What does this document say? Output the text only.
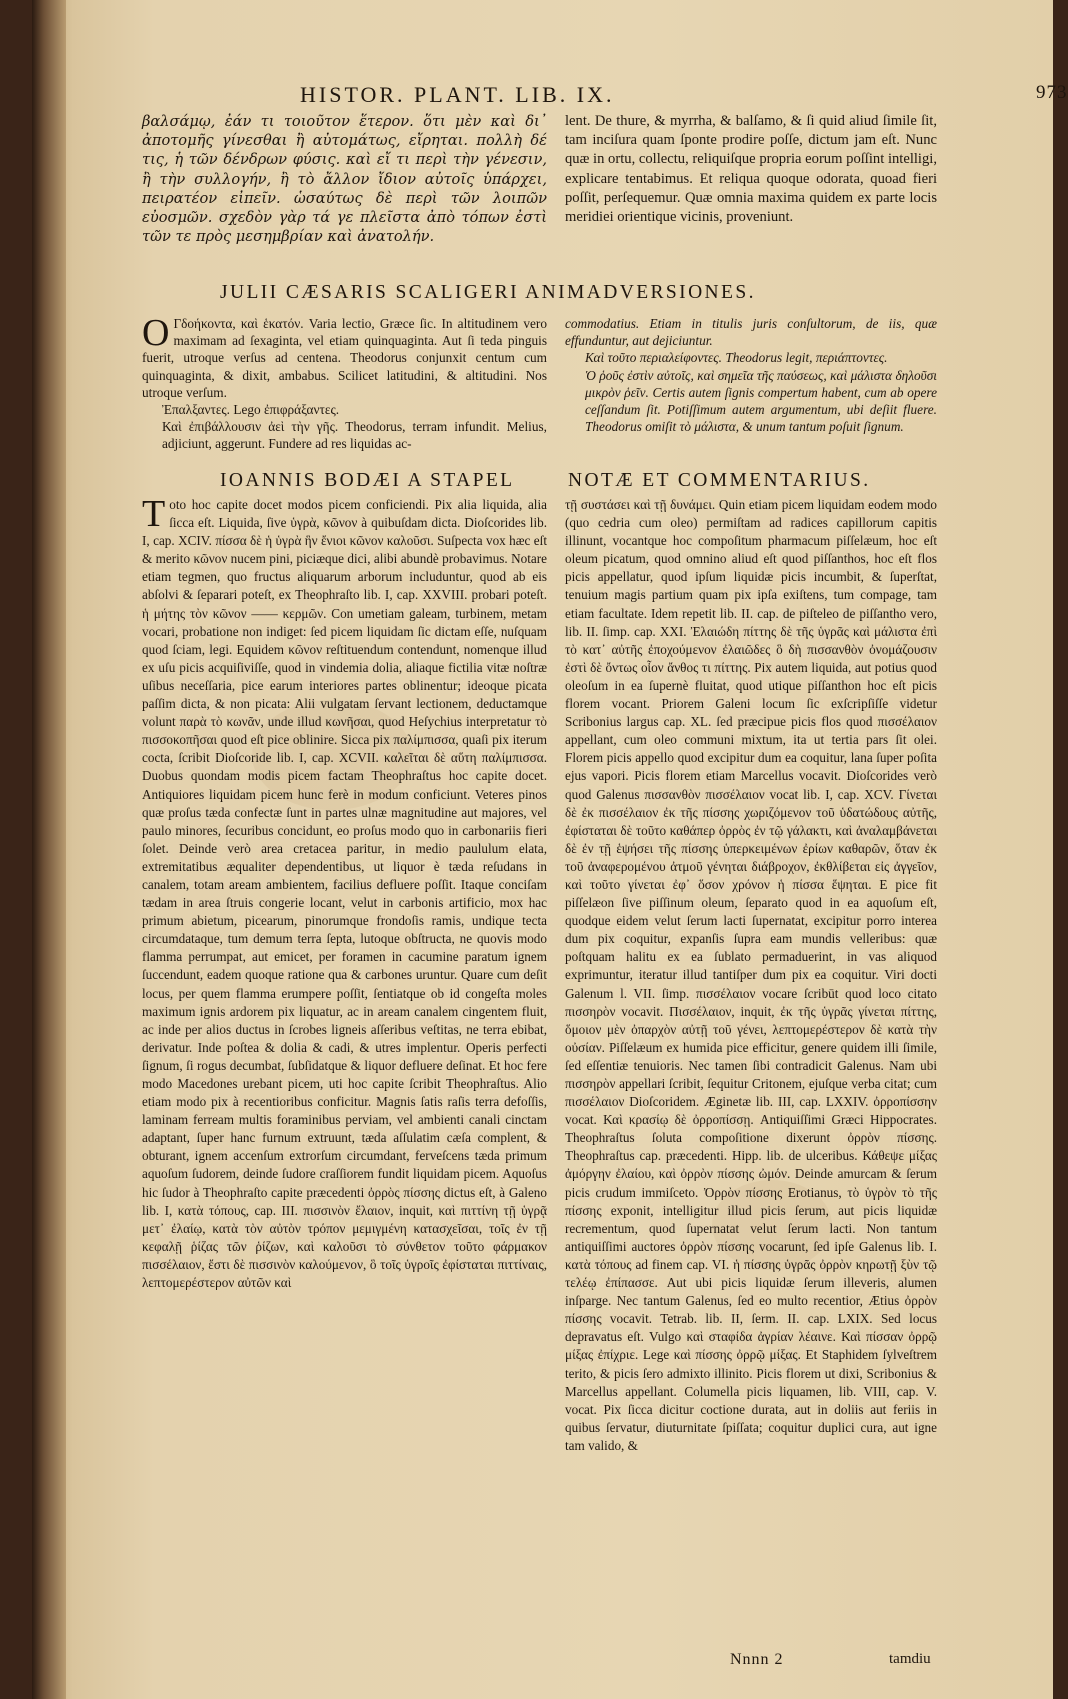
HISTOR. PLANT. LIB. IX.	973
βαλσάμῳ, ἐάν τι τοιοῦτον ἕτερον. ὅτι μὲν καὶ δι᾽ ἀποτομῆς γίνεσθαι ἢ αὐτομάτως, εἴρηται. πολλὴ δέ τις, ἡ τῶν δένδρων φύσις. καὶ εἴ τι περὶ τὴν γένεσιν, ἢ τὴν συλλογήν, ἢ τὸ ἄλλον ἴδιον αὐτοῖς ὑπάρχει, πειρατέον εἰπεῖν. ὡσαύτως δὲ περὶ τῶν λοιπῶν εὐοσμῶν. σχεδὸν γὰρ τά γε πλεῖστα ἀπὸ τόπων ἐστὶ τῶν τε πρὸς μεσημβρίαν καὶ ἀνατολήν.
lent. De thure, & myrrha, & balſamo, & ſi quid aliud ſimile ſit, tam inciſura quam ſponte prodire poſſe, dictum jam eſt. Nunc quæ in ortu, collectu, reliquiſque propria eorum poſſint intelligi, explicare tentabimus. Et reliqua quoque odorata, quoad fieri poſſit, perſequemur. Quæ omnia maxima quidem ex parte locis meridiei orientique vicinis, proveniunt.
JULII CÆSARIS SCALIGERI ANIMADVERSIONES.

O Γδοήκοντα, καὶ ἑκατόν. Varia lectio, Græce ſic. In altitudinem vero maximam ad ſexaginta, vel etiam quinquaginta. Aut ſi teda pinguis fuerit, utroque verſus ad centena. Theodorus conjunxit centum cum quinquaginta, & dixit, ambabus. Scilicet latitudini, & altitudini. Nos utroque verſum.

Ἐπαλξαντες. Lego ἐπιφράξαντες.

Καὶ ἐπιβάλλουσιν ἀεὶ τὴν γῆς. Theodorus, terram infundit. Melius, adjiciunt, aggerunt. Fundere ad res liquidas ac-

commodatius. Etiam in titulis juris conſultorum, de iis, quæ effunduntur, aut dejiciuntur.

Καὶ τοῦτο περιαλείφοντες. Theodorus legit, περιάπτοντες.

Ὁ ῥοῦς ἐστὶν αὐτοῖς, καὶ σημεῖα τῆς παύσεως, καὶ μάλιστα δηλοῦσι μικρὸν ῥεῖν. Certis autem ſignis compertum habent, cum ab opere ceſſandum ſit. Potiſſimum autem argumentum, ubi deſiit fluere. Theodorus omiſit τὸ μάλιστα, & unum tantum poſuit ſignum.

IOANNIS BODÆI A STAPEL	NOTÆ ET COMMENTARIUS.

Toto hoc capite docet modos picem conficiendi. Pix alia liquida, alia ſicca eſt. Liquida, ſive ὑγρὰ, κῶνον à quibuſdam dicta. Dioſcorides lib. I, cap. XCIV. πίσσα δὲ ἡ ὑγρὰ ἣν ἔνιοι κῶνον καλοῦσι. Suſpecta vox hæc eſt & merito κῶνον nucem pini, piciæque dici, alibi abundè probavimus. Notare etiam tegmen, quo fructus aliquarum arborum includuntur, quod ab eis abſolvi & ſeparari poteſt, ex Theophraſto lib. I, cap. XXVIII. probari poteſt. ἡ μήτης τὸν κῶνον —— κερμῶν. Con umetiam galeam, turbinem, metam vocari, probatione non indiget: ſed picem liquidam ſic dictam eſſe, nuſquam quod ſciam, legi. Equidem κῶνον reſtituendum contendunt, nomenque illud ex uſu picis acquiſiviſſe, quod in vindemia dolia, aliaque fictilia vitæ noſtræ uſibus neceſſaria, pice earum interiores partes oblinentur; ideoque picata paſſim dicta, & non picata: Alii vulgatam ſervant lectionem, deductamque volunt παρὰ τὸ κωνᾶν, unde illud κωνῆσαι, quod Heſychius interpretatur τὸ πισσοκοπῆσαι quod eſt pice oblinire. Sicca pix παλίμπισσα, quaſi pix iterum cocta, ſcribit Dioſcoride lib. I, cap. XCVII. καλεῖται δὲ αὕτη παλίμπισσα. Duobus quondam modis picem factam Theophraſtus hoc capite docet. Antiquiores liquidam picem hunc ferè in modum conficiunt. Veteres pinos quæ proſus tæda confectæ ſunt in partes ulnæ magnitudine aut majores, vel paulo minores, ſecuribus concidunt, eo proſus modo quo in carbonariis fieri ſolet. Deinde verò area cretacea paritur, in medio paululum elata, extremitatibus æqualiter dependentibus, ut liquor è tæda reſudans in canalem, totam aream ambientem, facilius defluere poſſit. Itaque conciſam tædam in area ſtruis congerie locant, velut in carbonis artificio, mox hac primum abietum, picearum, pinorumque frondoſis ramis, undique tecta circumdataque, tum demum terra ſepta, lutoque obſtructa, ne quovis modo flamma perrumpat, aut emicet, per foramen in cacumine paratum ignem ſuccendunt, eadem quoque ratione qua & carbones uruntur. Quare cum deſit locus, per quem flamma erumpere poſſit, ſentiatque ob id congeſta moles maximum ignis ardorem pix liquatur, ac in aream canalem cingentem fluit, ac inde per alios ductus in ſcrobes ligneis aſſeribus veſtitas, ne terra ebibat, derivatur. Inde poſtea & dolia & cadi, & utres implentur. Operis perfecti ſignum, ſi rogus decumbat, ſubſidatque & liquor defluere deſinat. Et hoc fere modo Macedones urebant picem, uti hoc capite ſcribit Theophraſtus. Alio etiam modo pix à recentioribus conficitur. Magnis ſatis raſis terra defoſſis, laminam ferream multis foraminibus perviam, vel ambienti canali cinctam adaptant, ſuper hanc furnum extruunt, tæda aſſulatim cæſa complent, & obturant, ignem accenſum extrorſum circumdant, ferveſcens tæda primum aquoſum ſudorem, deinde ſudore craſſiorem fundit liquidam picem. Aquoſus hic ſudor à Theophraſto capite præcedenti ὀρρὸς πίσσης dictus eſt, à Galeno lib. I, κατὰ τόπους, cap. III. πισσινὸν ἔλαιον, inquit, καὶ πιττίνη τῇ ὑγρᾷ μετ᾽ ἐλαίῳ, κατὰ τὸν αὐτὸν τρόπον μεμιγμένη κατασχεῖσαι, τοῖς ἐν τῇ κεφαλῇ ῥίζας τῶν ῥίζων, καὶ καλοῦσι τὸ σύνθετον τοῦτο φάρμακον πισσέλαιον, ἔστι δὲ πισσινὸν καλούμενον, ὃ τοῖς ὑγροῖς ἐφίσταται πιττίναις, λεπτομερέστερον αὐτῶν καὶ

τῇ συστάσει καὶ τῇ δυνάμει. Quin etiam picem liquidam eodem modo (quo cedria cum oleo) permiſtam ad radices capillorum capitis illinunt, vocantque hoc compoſitum pharmacum piſſelæum, hoc eſt oleum picatum, quod omnino aliud eſt quod piſſanthos, hoc eſt flos picis appellatur, quod ipſum liquidæ picis incumbit, & ſuperſtat, tenuium magis partium quam pix ipſa exiſtens, tum compage, tam etiam facultate. Idem repetit lib. II. cap. de piſteleo de piſſantho vero, lib. II. ſimp. cap. XXI. Ἐλαιώδη πίττης δὲ τῆς ὑγρᾶς καὶ μάλιστα ἐπὶ τὸ κατ᾽ αὐτῆς ἐποχούμενον ἐλαιῶδες ὃ δὴ πισσανθὸν ὀνομάζουσιν ἐστὶ δὲ ὄντως οἷον ἄνθος τι πίττης. Pix autem liquida, aut potius quod oleoſum in ea ſupernè fluitat, quod utique piſſanthon hoc eſt picis florem vocant. Priorem Galeni locum ſic exſcripſiſſe videtur Scribonius largus cap. XL. ſed præcipue picis flos quod πισσέλαιον appellant, cum oleo communi mixtum, ita ut tertia pars ſit olei. Florem picis appello quod excipitur dum ea coquitur, lana ſuper poſita ejus vapori. Picis florem etiam Marcellus vocavit. Dioſcorides verò quod Galenus πισσανθὸν πισσέλαιον vocat lib. I, cap. XCV. Γίνεται δὲ ἐκ πισσέλαιον ἐκ τῆς πίσσης χωριζόμενον τοῦ ὑδατώδους αὐτῆς, ἐφίσταται δὲ τοῦτο καθάπερ ὀρρὸς ἐν τῷ γάλακτι, καὶ ἀναλαμβάνεται δὲ ἐν τῇ ἑψήσει τῆς πίσσης ὑπερκειμένων ἐρίων καθαρῶν, ὅταν ἐκ τοῦ ἀναφερομένου ἀτμοῦ γένηται διάβροχον, ἐκθλίβεται εἰς ἀγγεῖον, καὶ τοῦτο γίνεται ἐφ᾽ ὅσον χρόνον ἡ πίσσα ἕψηται. E pice fit piſſelæon ſive piſſinum oleum, ſeparato quod in ea aquoſum eſt, quodque eidem velut ſerum lacti ſupernatat, excipitur porro interea dum pix coquitur, expanſis ſupra eam mundis velleribus: quæ poſtquam halitu ex ea ſublato permaduerint, in vas aliquod exprimuntur, iteratur illud tantiſper dum pix ea coquitur. Viri docti Galenum l. VII. ſimp. πισσέλαιον vocare ſcribūt quod loco citato πισσηρὸν vocavit. Πισσέλαιον, inquit, ἐκ τῆς ὑγρᾶς γίνεται πίττης, ὅμοιον μὲν ὀπαρχὸν αὐτῇ τοῦ γένει, λεπτομερέστερον δὲ κατὰ τὴν οὐσίαν. Piſſelæum ex humida pice efficitur, genere quidem illi ſimile, ſed eſſentiæ tenuioris. Nec tamen ſibi contradicit Galenus. Nam ubi πισσηρὸν appellari ſcribit, ſequitur Critonem, ejuſque verba citat; cum πισσέλαιον Dioſcoridem. Æginetæ lib. III, cap. LXXIV. ὀρροπίσσην vocat. Καὶ κρασίῳ δὲ ὀρροπίσσῃ. Antiquiſſimi Græci Hippocrates. Theophraſtus ſoluta compoſitione dixerunt ὀρρὸν πίσσης. Theophraſtus cap. præcedenti. Hipp. lib. de ulceribus. Κάθεψε μίξας ἀμόργην ἐλαίου, καὶ ὀρρὸν πίσσης ὠμόν. Deinde amurcam & ſerum picis crudum immiſceto. Ὀρρὸν πίσσης Erotianus, τὸ ὑγρὸν τὸ τῆς πίσσης exponit, intelligitur illud picis ſerum, aut picis liquidæ recrementum, quod ſupernatat velut ſerum lacti. Non tantum antiquiſſimi auctores ὀρρὸν πίσσης vocarunt, ſed ipſe Galenus lib. I. κατὰ τόπους ad finem cap. VI. ἡ πίσσης ὑγρᾶς ὀρρὸν κηρωτῇ ξὺν τῷ τελέῳ ἐπίπασσε. Aut ubi picis liquidæ ſerum illeveris, alumen inſparge. Nec tantum Galenus, ſed eo multo recentior, Ætius ὀρρὸν πίσσης vocavit. Tetrab. lib. II, ſerm. II. cap. LXIX. Sed locus depravatus eſt. Vulgo καὶ σταφίδα ἀγρίαν λέαινε. Καὶ πίσσαν ὀρρῷ μίξας ἐπίχριε. Lege καὶ πίσσης ὀρρῷ μίξας. Et Staphidem ſylveſtrem terito, & picis ſero admixto illinito. Picis florem ut dixi, Scribonius & Marcellus appellant. Columella picis liquamen, lib. VIII, cap. V. vocat. Pix ſicca dicitur coctione durata, aut in doliis aut feriis in quibus ſervatur, diuturnitate ſpiſſata; coquitur duplici cura, aut igne tam valido, &

Nnnn 2	tamdiu
